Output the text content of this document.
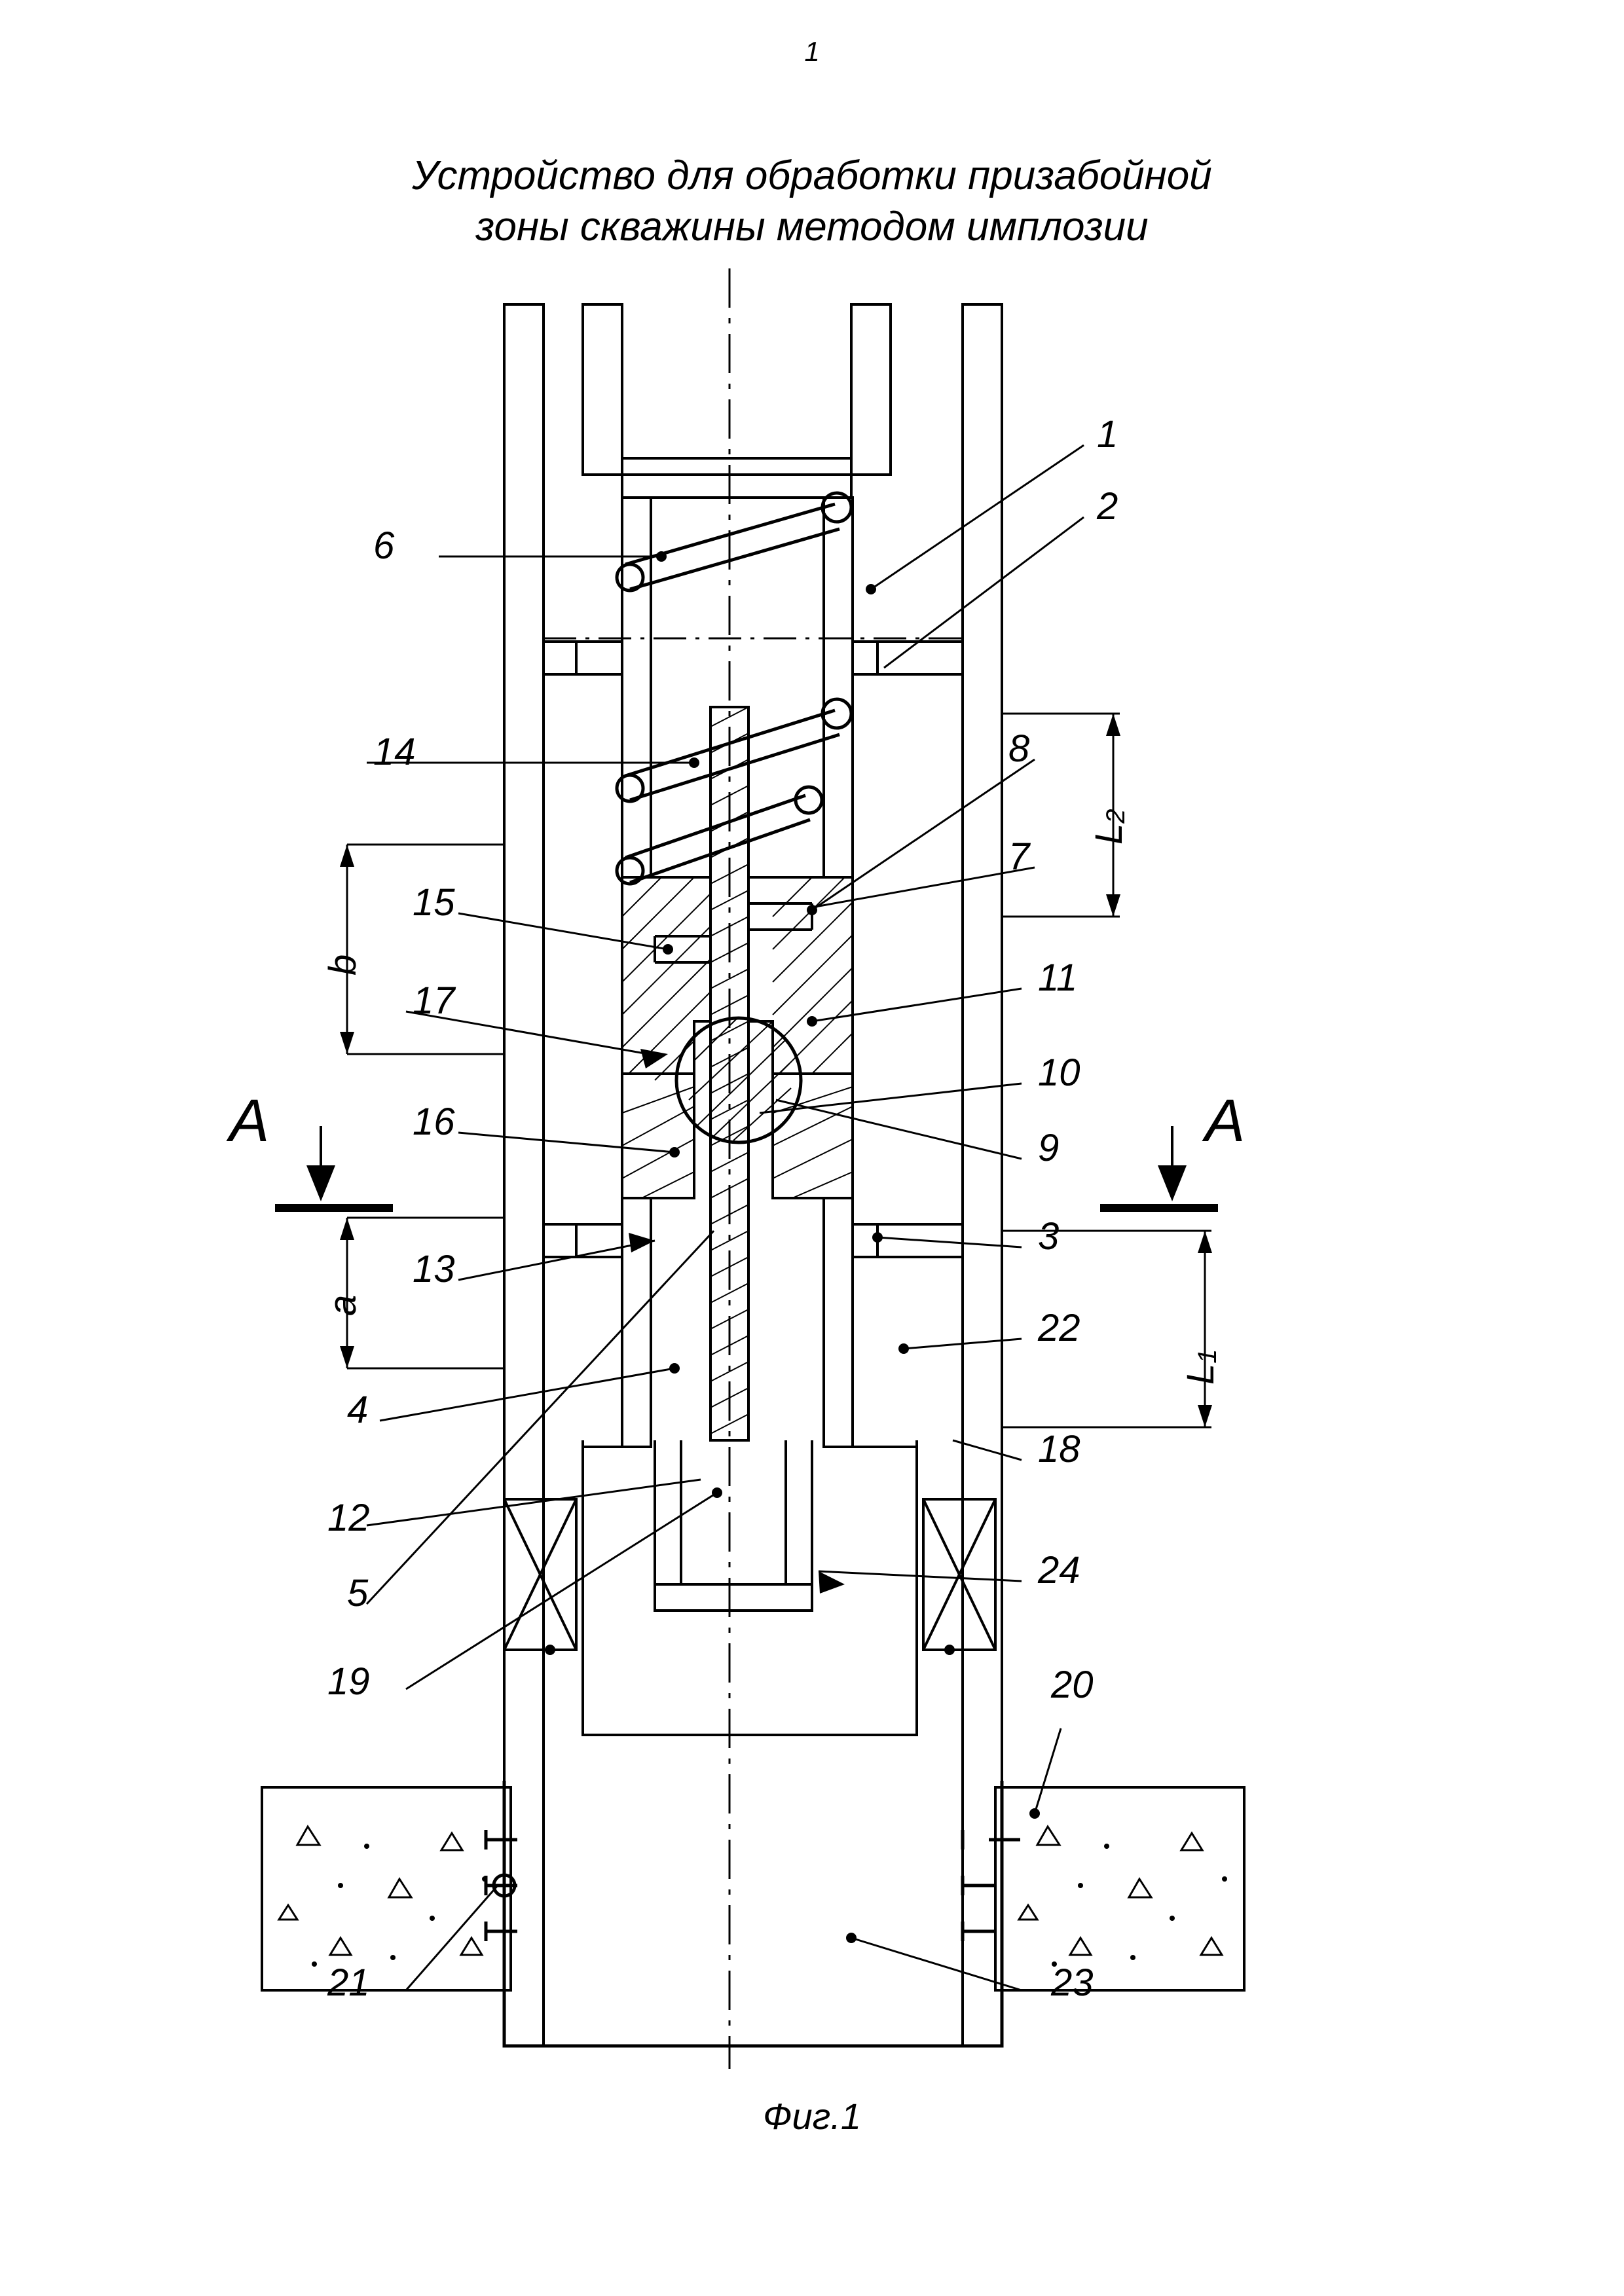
1
Устройство для обработки призабойной
зоны скважины методом имплозии
A	A
L2
L1
a
b
6
14
15
17
16
13
4
12
5
19
21
1
2
8
7
11
10
9
3
22
18
24
20
23
Фиг.1
